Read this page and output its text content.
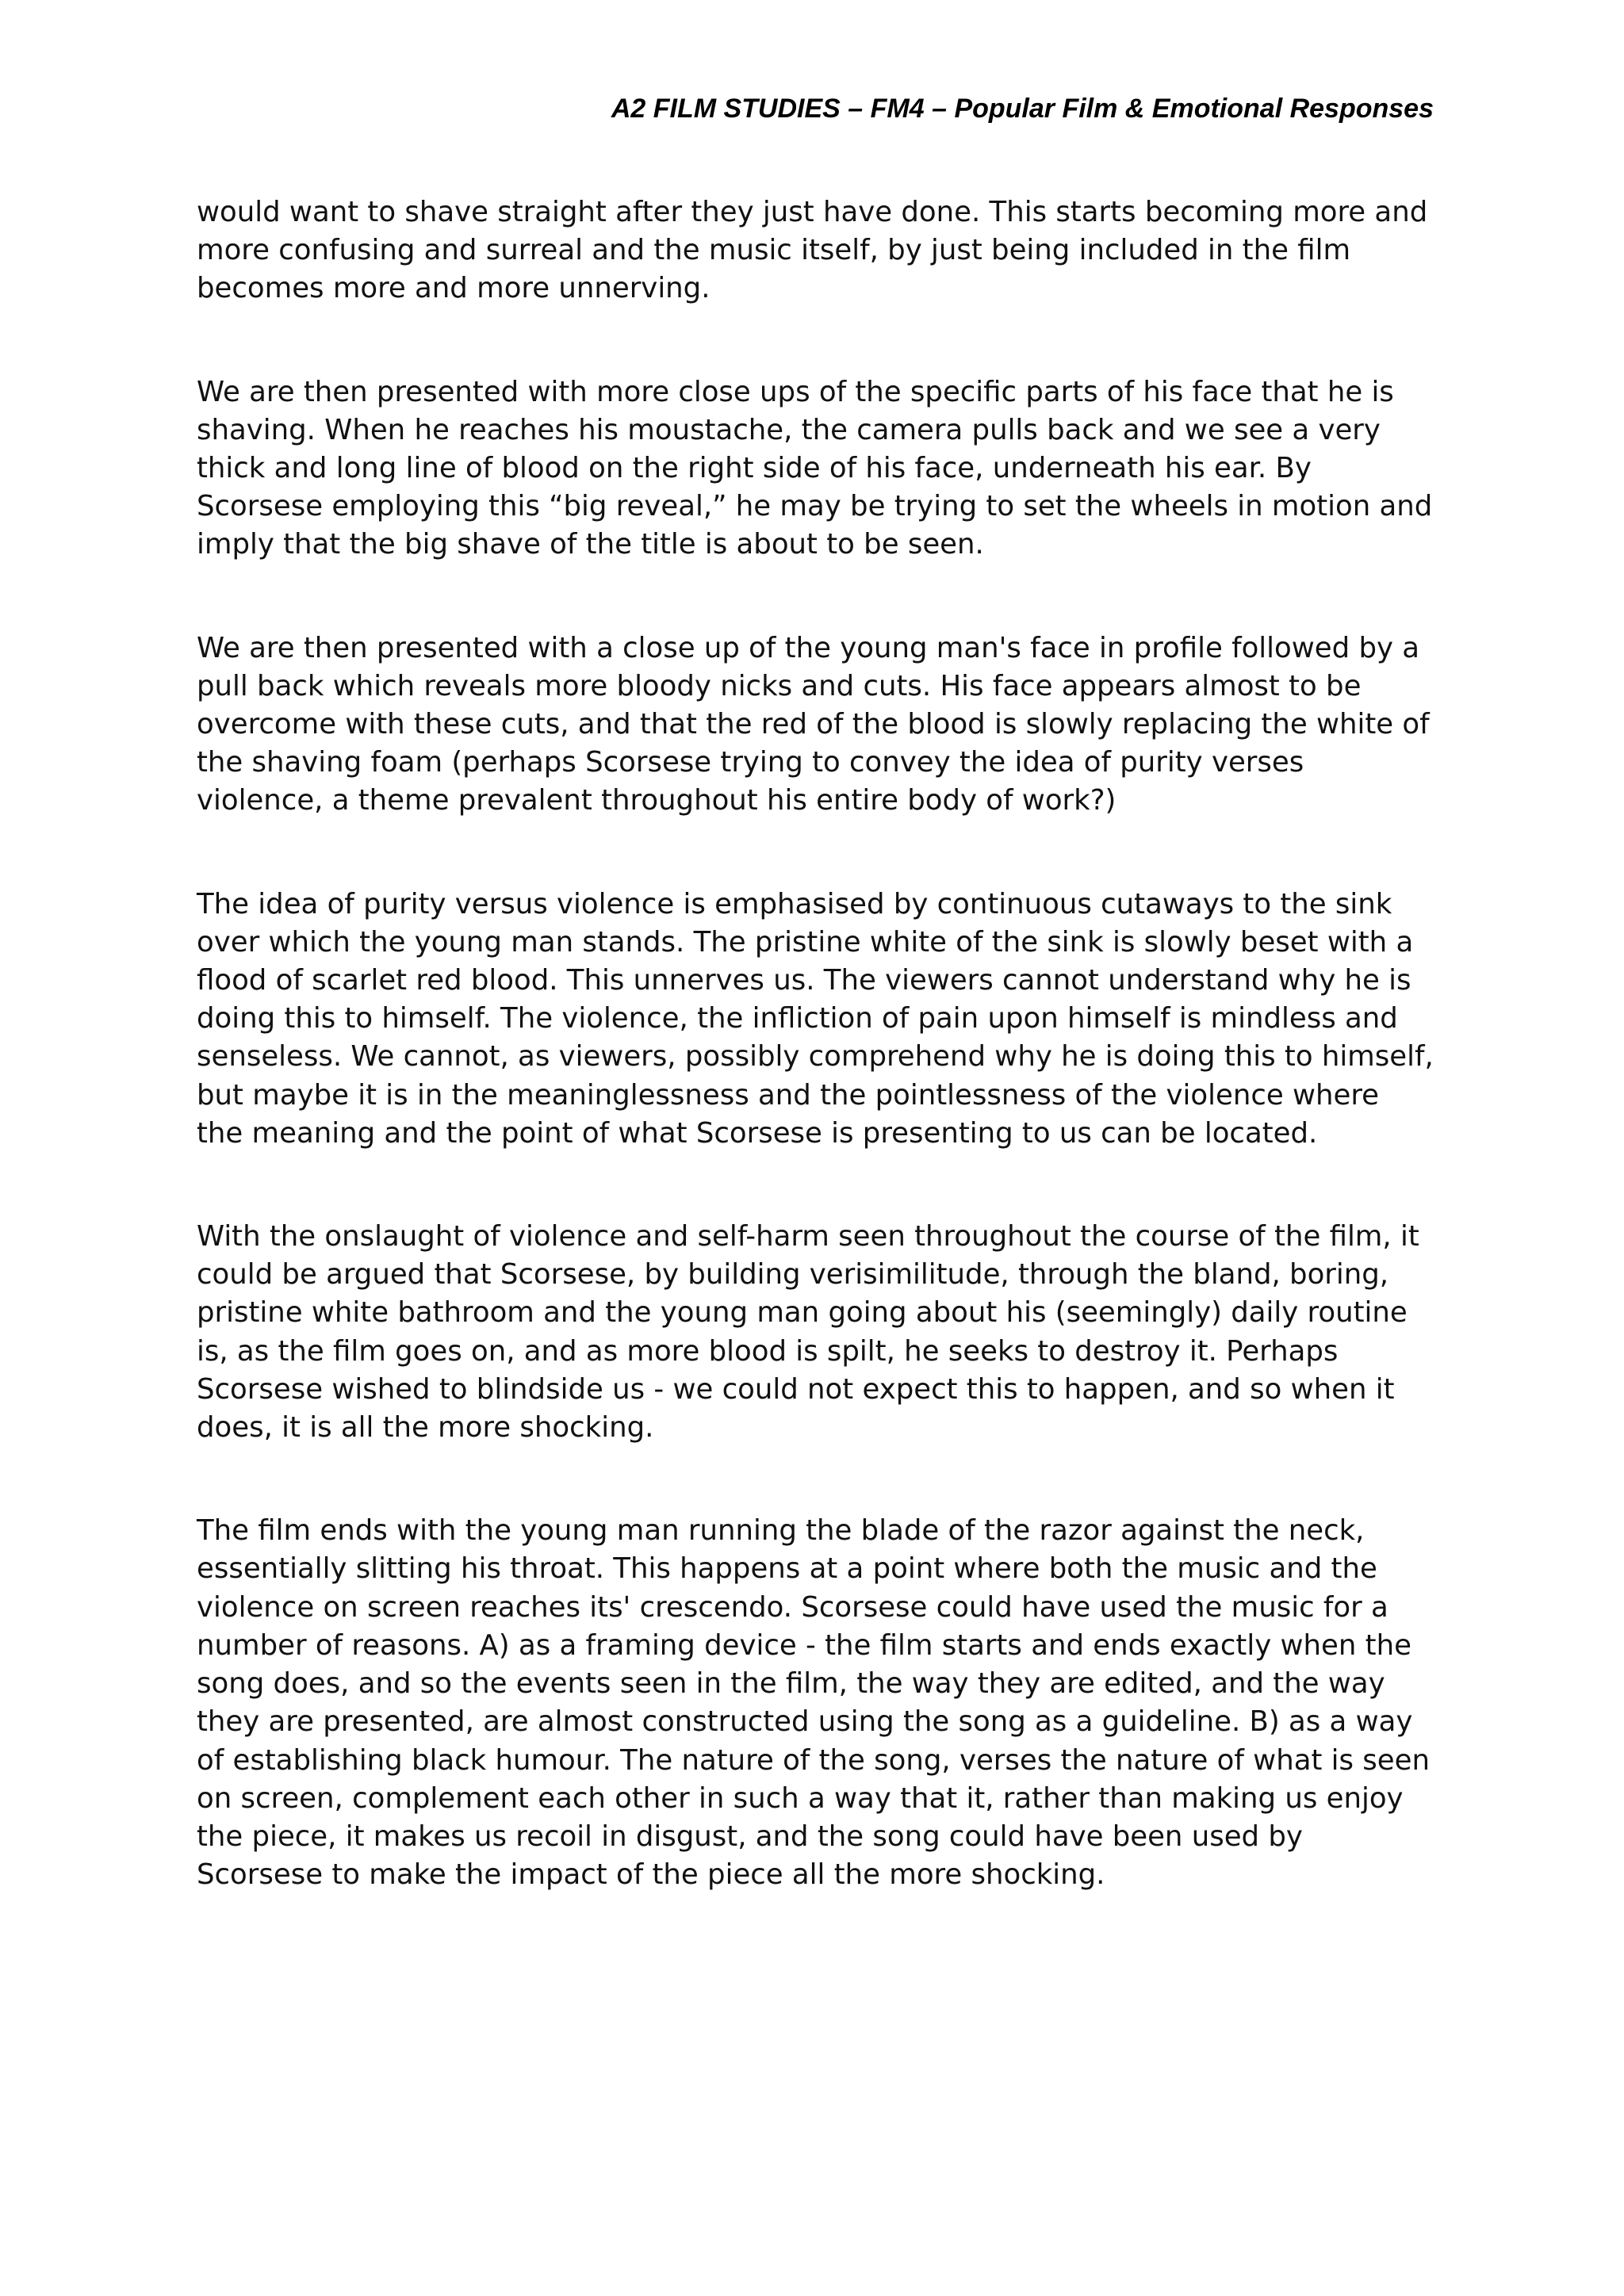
A2 FILM STUDIES – FM4 – Popular Film & Emotional Responses

would want to shave straight after they just have done. This starts becoming more and more confusing and surreal and the music itself, by just being included in the film becomes more and more unnerving.

We are then presented with more close ups of the specific parts of his face that he is shaving. When he reaches his moustache, the camera pulls back and we see a very thick and long line of blood on the right side of his face, underneath his ear. By Scorsese employing this “big reveal,” he may be trying to set the wheels in motion and imply that the big shave of the title is about to be seen.

We are then presented with a close up of the young man's face in profile followed by a pull back which reveals more bloody nicks and cuts. His face appears almost to be overcome with these cuts, and that the red of the blood is slowly replacing the white of the shaving foam (perhaps Scorsese trying to convey the idea of purity verses violence, a theme prevalent throughout his entire body of work?)

The idea of purity versus violence is emphasised by continuous cutaways to the sink over which the young man stands. The pristine white of the sink is slowly beset with a flood of scarlet red blood. This unnerves us. The viewers cannot understand why he is doing this to himself. The violence, the infliction of pain upon himself is mindless and senseless. We cannot, as viewers, possibly comprehend why he is doing this to himself, but maybe it is in the meaninglessness and the pointlessness of the violence where the meaning and the point of what Scorsese is presenting to us can be located.

With the onslaught of violence and self-harm seen throughout the course of the film, it could be argued that Scorsese, by building verisimilitude, through the bland, boring, pristine white bathroom and the young man going about his (seemingly) daily routine is, as the film goes on, and as more blood is spilt, he seeks to destroy it. Perhaps Scorsese wished to blindside us - we could not expect this to happen, and so when it does, it is all the more shocking.

The film ends with the young man running the blade of the razor against the neck, essentially slitting his throat. This happens at a point where both the music and the violence on screen reaches its' crescendo. Scorsese could have used the music for a number of reasons. A) as a framing device - the film starts and ends exactly when the song does, and so the events seen in the film, the way they are edited, and the way they are presented, are almost constructed using the song as a guideline. B) as a way of establishing black humour. The nature of the song, verses the nature of what is seen on screen, complement each other in such a way that it, rather than making us enjoy the piece, it makes us recoil in disgust, and the song could have been used by Scorsese to make the impact of the piece all the more shocking.
